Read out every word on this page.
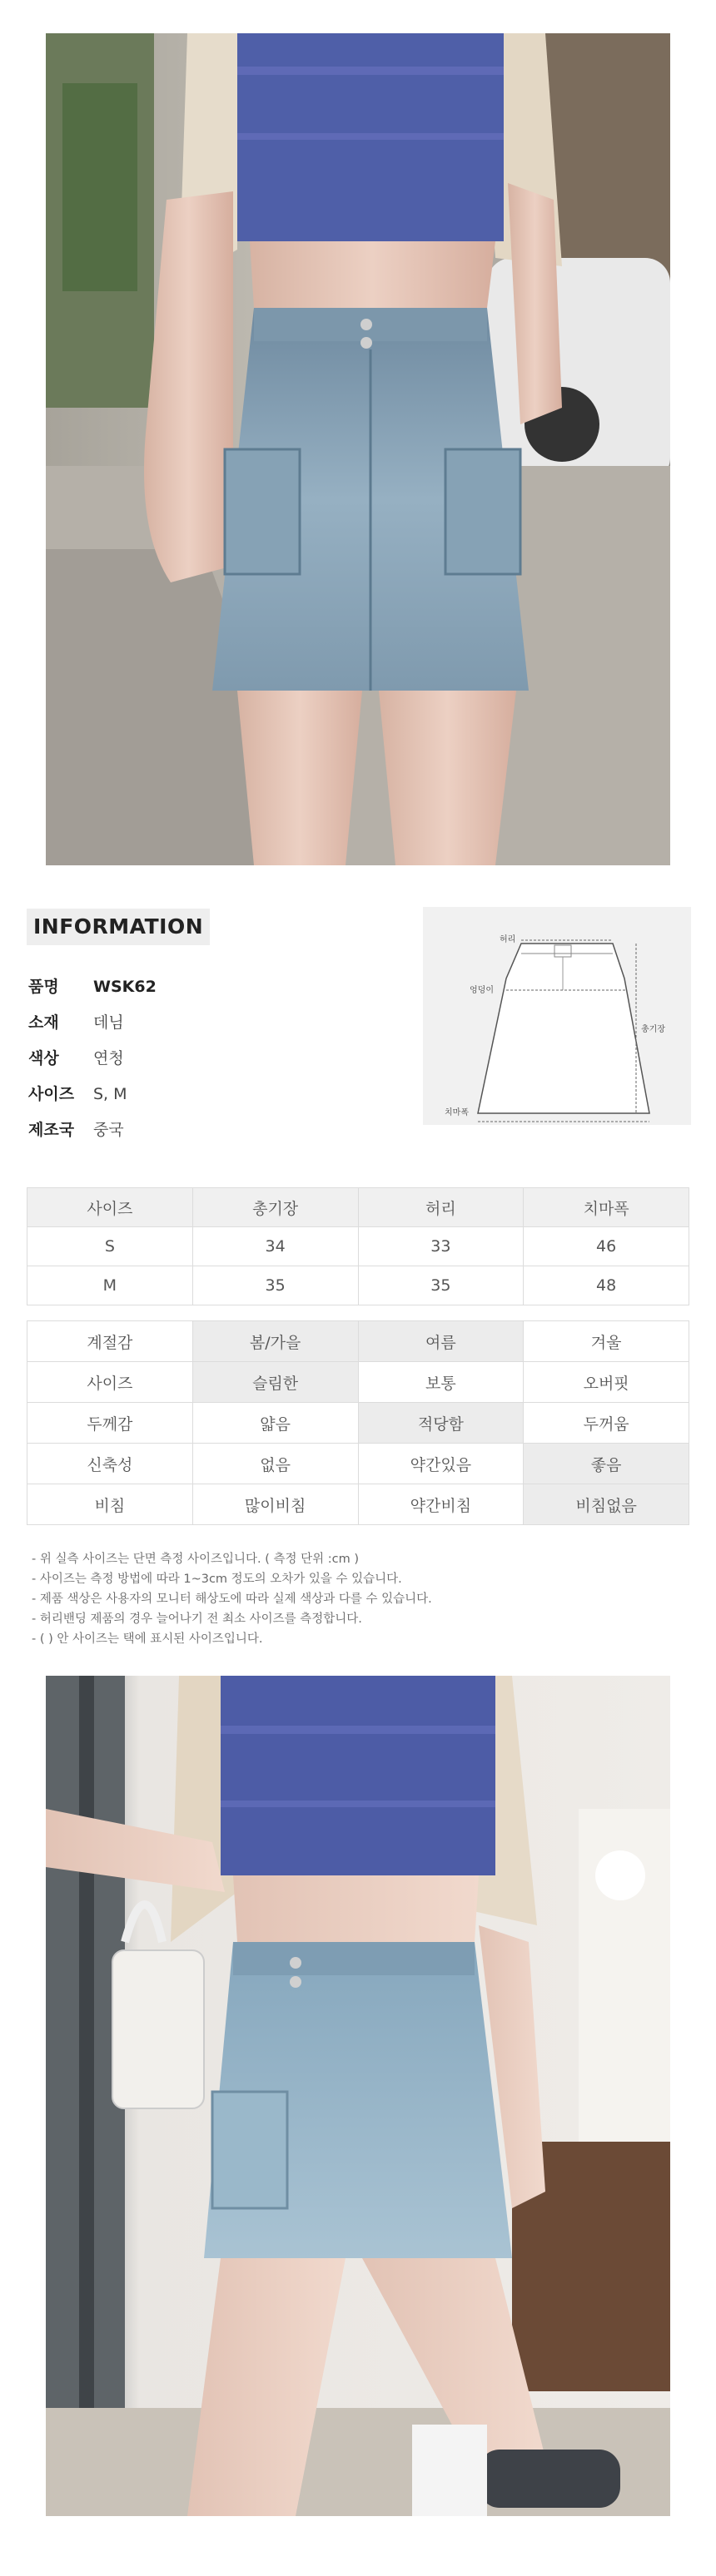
INFORMATION
품명 WSK62
소재 데님
색상 연청
사이즈 S, M
제조국 중국
허리
엉덩이
총기장
치마폭
사이즈	총기장	허리	치마폭
S	34	33	46
M	35	35	48
계절감	봄/가을	여름	겨울
사이즈	슬림한	보통	오버핏
두께감	얇음	적당함	두꺼움
신축성	없음	약간있음	좋음
비침	많이비침	약간비침	비침없음
- 위 실측 사이즈는 단면 측정 사이즈입니다. ( 측정 단위 :cm )
- 사이즈는 측정 방법에 따라 1~3cm 정도의 오차가 있을 수 있습니다.
- 제품 색상은 사용자의 모니터 해상도에 따라 실제 색상과 다를 수 있습니다.
- 허리밴딩 제품의 경우 늘어나기 전 최소 사이즈를 측정합니다.
- ( ) 안 사이즈는 택에 표시된 사이즈입니다.
